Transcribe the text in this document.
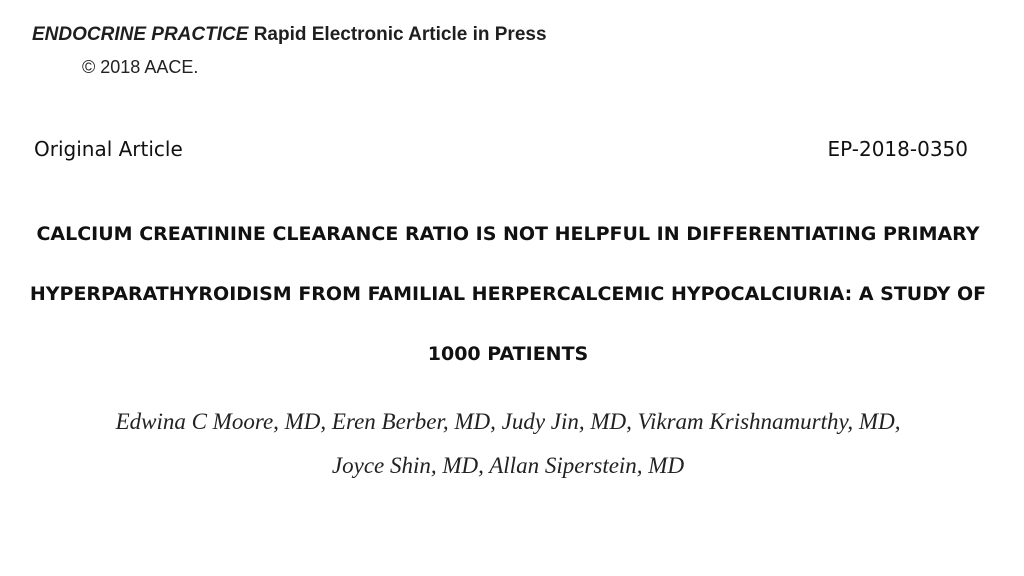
ENDOCRINE PRACTICE Rapid Electronic Article in Press
© 2018 AACE.
Original Article	EP-2018-0350
CALCIUM CREATININE CLEARANCE RATIO IS NOT HELPFUL IN DIFFERENTIATING PRIMARY
HYPERPARATHYROIDISM FROM FAMILIAL HERPERCALCEMIC HYPOCALCIURIA: A STUDY OF
1000 PATIENTS
Edwina C Moore, MD, Eren Berber, MD, Judy Jin, MD, Vikram Krishnamurthy, MD,
Joyce Shin, MD, Allan Siperstein, MD
